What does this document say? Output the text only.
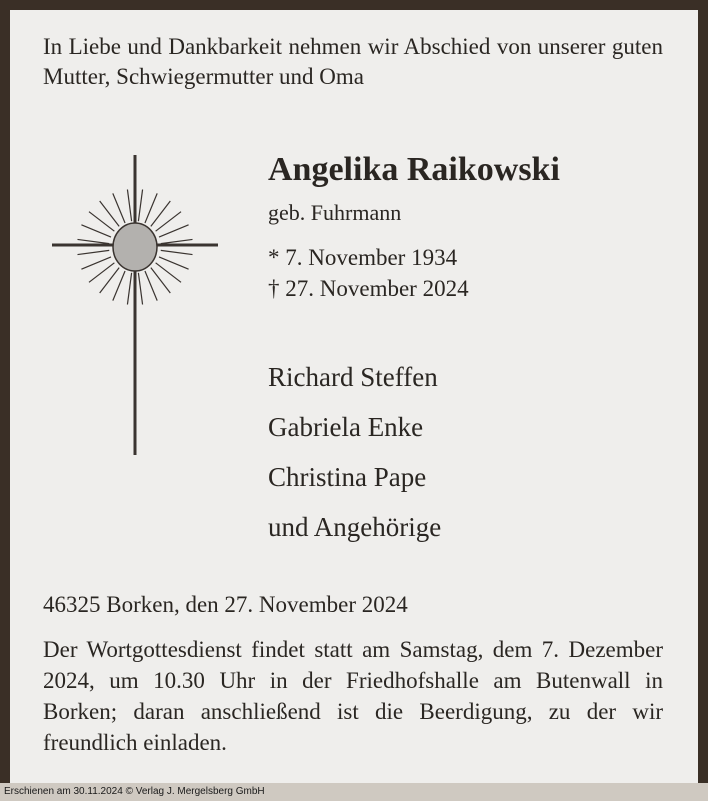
In Liebe und Dankbarkeit nehmen wir Abschied von unserer guten Mutter, Schwiegermutter und Oma
Angelika Raikowski
geb. Fuhrmann
* 7. November 1934
† 27. November 2024
Richard Steffen
Gabriela Enke
Christina Pape
und Angehörige
46325 Borken, den 27. November 2024
Der Wortgottesdienst findet statt am Samstag, dem 7. Dezember 2024, um 10.30 Uhr in der Friedhofshalle am Butenwall in Borken; daran anschließend ist die Beerdigung, zu der wir freundlich einladen.
Erschienen am 30.11.2024 © Verlag J. Mergelsberg GmbH
